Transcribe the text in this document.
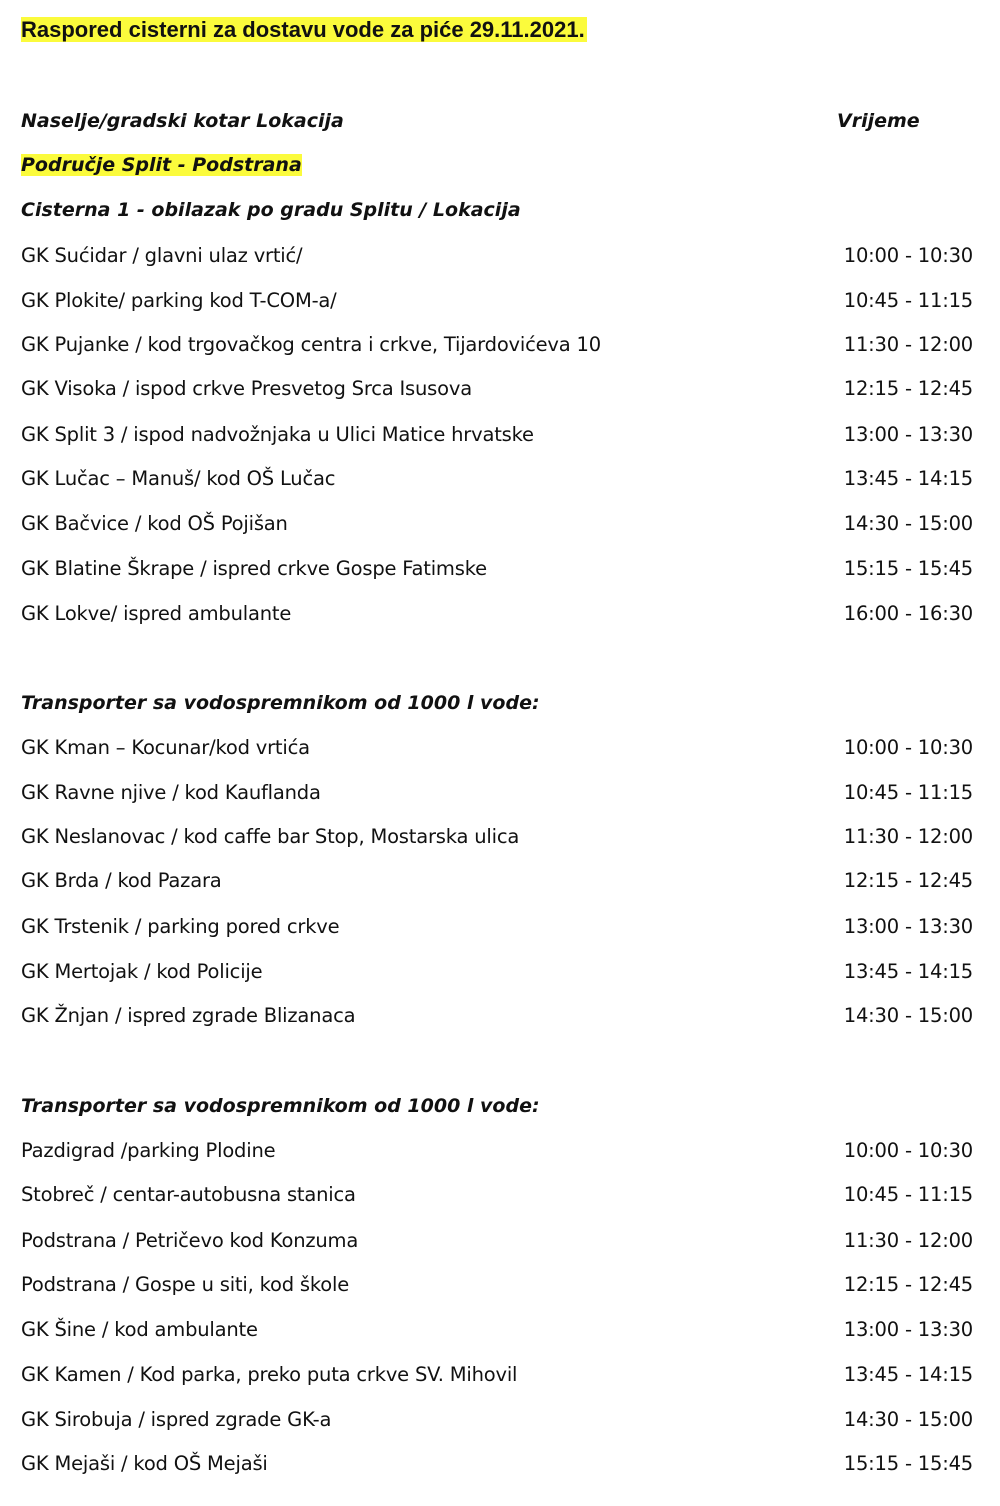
Raspored cisterni za dostavu vode za piće 29.11.2021.
Naselje/gradski kotar Lokacija	Vrijeme
Područje Split - Podstrana
Cisterna 1 - obilazak po gradu Splitu / Lokacija
GK Sućidar / glavni ulaz vrtić/	10:00 - 10:30
GK Plokite/ parking kod T-COM-a/	10:45 - 11:15
GK Pujanke / kod trgovačkog centra i crkve, Tijardovićeva 10	11:30 - 12:00
GK Visoka / ispod crkve Presvetog Srca Isusova	12:15 - 12:45
GK Split 3 / ispod nadvožnjaka u Ulici Matice hrvatske	13:00 - 13:30
GK Lučac – Manuš/ kod OŠ Lučac	13:45 - 14:15
GK Bačvice / kod OŠ Pojišan	14:30 - 15:00
GK Blatine Škrape / ispred crkve Gospe Fatimske	15:15 - 15:45
GK Lokve/ ispred ambulante	16:00 - 16:30
Transporter sa vodospremnikom od 1000 l vode:
GK Kman – Kocunar/kod vrtića	10:00 - 10:30
GK Ravne njive / kod Kauflanda	10:45 - 11:15
GK Neslanovac / kod caffe bar Stop, Mostarska ulica	11:30 - 12:00
GK Brda / kod Pazara	12:15 - 12:45
GK Trstenik / parking pored crkve	13:00 - 13:30
GK Mertojak / kod Policije	13:45 - 14:15
GK Žnjan / ispred zgrade Blizanaca	14:30 - 15:00
Transporter sa vodospremnikom od 1000 l vode:
Pazdigrad /parking Plodine	10:00 - 10:30
Stobreč / centar-autobusna stanica	10:45 - 11:15
Podstrana / Petričevo kod Konzuma	11:30 - 12:00
Podstrana / Gospe u siti, kod škole	12:15 - 12:45
GK Šine / kod ambulante	13:00 - 13:30
GK Kamen / Kod parka, preko puta crkve SV. Mihovil	13:45 - 14:15
GK Sirobuja / ispred zgrade GK-a	14:30 - 15:00
GK Mejaši / kod OŠ Mejaši	15:15 - 15:45
